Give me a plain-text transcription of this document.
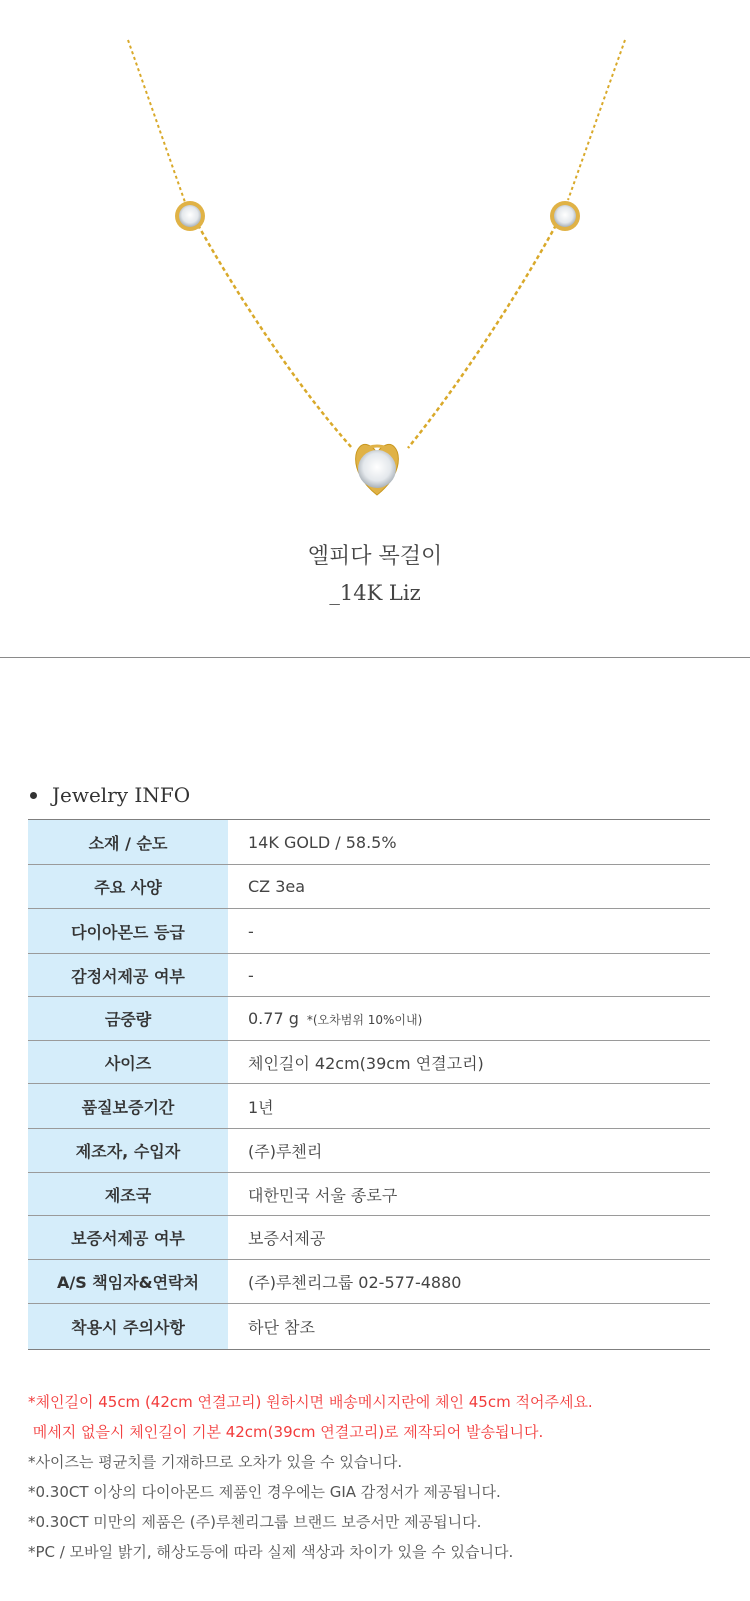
엘피다 목걸이
_14K Liz
Jewelry INFO
소재 / 순도	14K GOLD / 58.5%
주요 사양	CZ 3ea
다이아몬드 등급	-
감정서제공 여부	-
금중량	0.77 g *(오차범위 10%이내)
사이즈	체인길이 42cm(39cm 연결고리)
품질보증기간	1년
제조자, 수입자	(주)루첸리
제조국	대한민국 서울 종로구
보증서제공 여부	보증서제공
A/S 책임자&연락처	(주)루첸리그룹 02-577-4880
착용시 주의사항	하단 참조

*체인길이 45cm (42cm 연결고리) 원하시면 배송메시지란에 체인 45cm 적어주세요.

메세지 없을시 체인길이 기본 42cm(39cm 연결고리)로 제작되어 발송됩니다.

*사이즈는 평균치를 기재하므로 오차가 있을 수 있습니다.

*0.30CT 이상의 다이아몬드 제품인 경우에는 GIA 감정서가 제공됩니다.

*0.30CT 미만의 제품은 (주)루첸리그룹 브랜드 보증서만 제공됩니다.

*PC / 모바일 밝기, 해상도등에 따라 실제 색상과 차이가 있을 수 있습니다.
